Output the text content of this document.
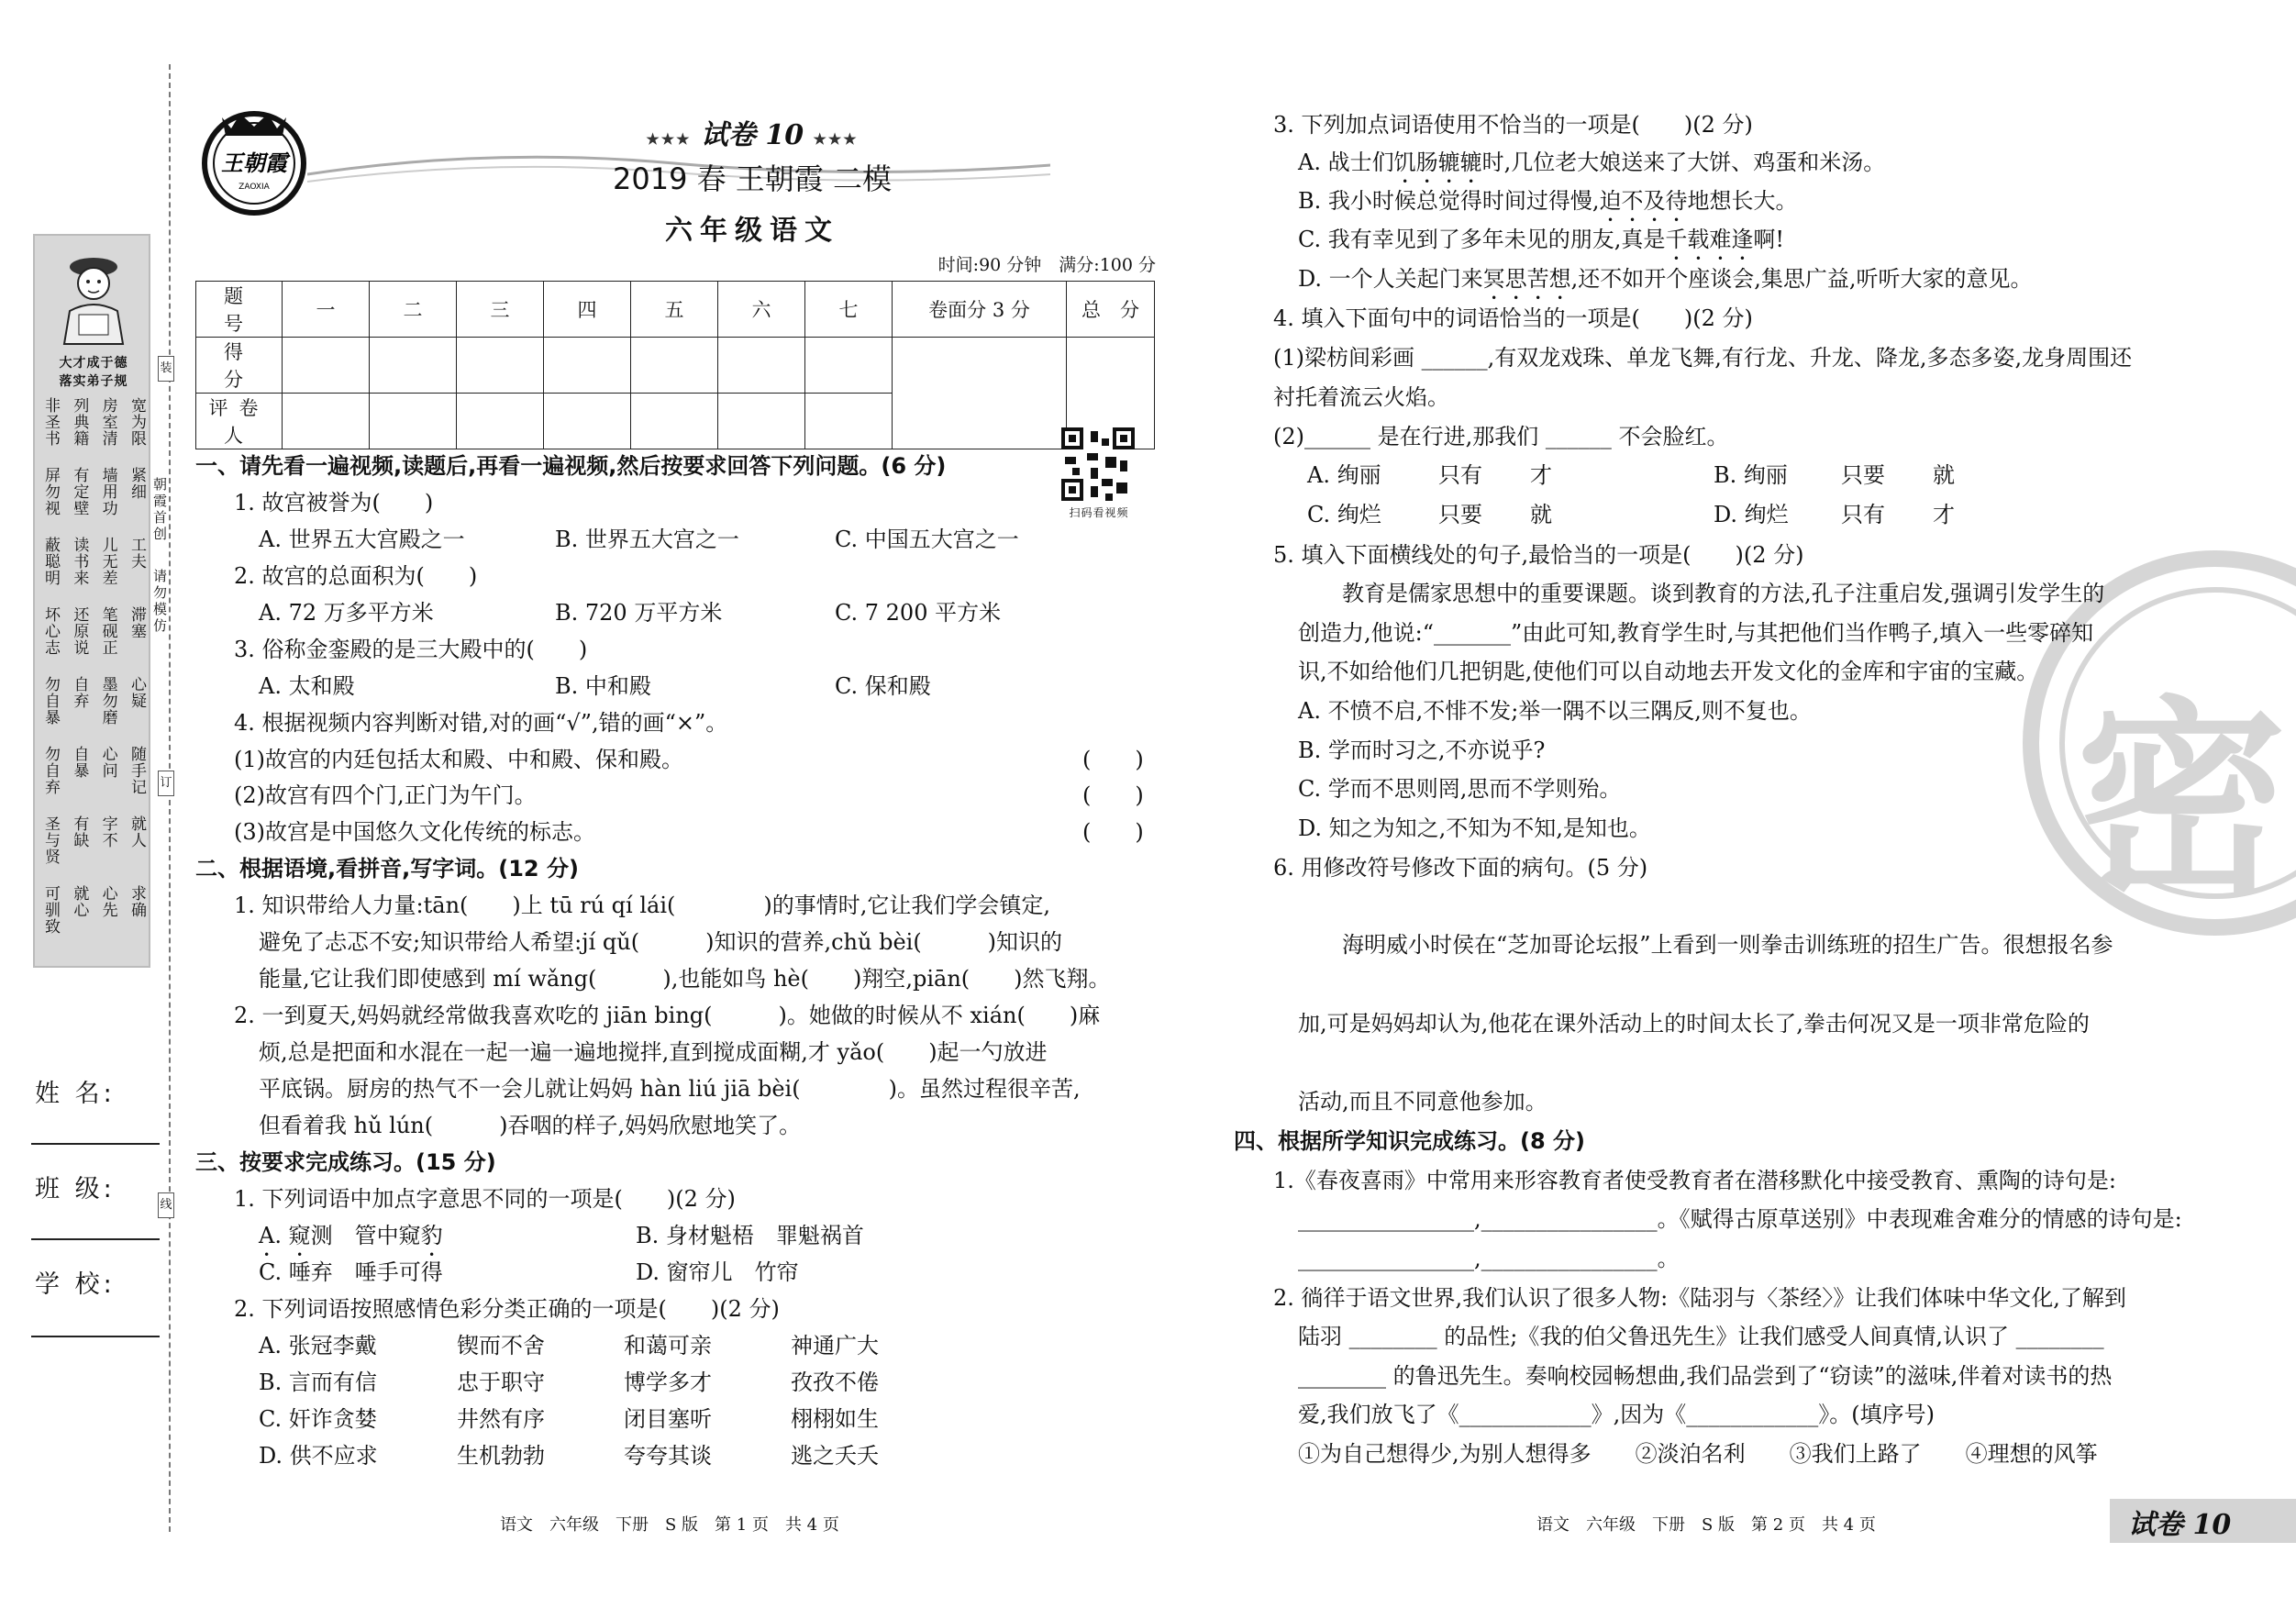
大才成于德
落实弟子规
非圣书 列典籍 房室清 宽为限
屏勿视 有定壁 墙用功 紧细
蔽聪明 读书来 儿无差 工夫
坏心志 还原说 笔砚正 滞塞
勿自暴 自弃 墨勿磨 心疑
勿自弃 自暴 心问 随手记
圣与贤 有缺 字不 就人
可驯致 就心 心先 求确
朝霞首创
请勿模仿
装
订
线
姓 名:
班 级:
学 校:
王朝霞
ZAOXIA
★★★ 试卷 10 ★★★
2019 春 王朝霞 二模
六年级语文
时间:90 分钟　满分:100 分
题　号	一	二	三	四	五	六	七	卷面分 3 分	总　分
得　分									
评卷人									
扫码看视频
一、请先看一遍视频,读题后,再看一遍视频,然后按要求回答下列问题。(6 分)
1. 故宫被誉为(　　)
A. 世界五大宫殿之一	B. 世界五大宫之一	C. 中国五大宫之一
2. 故宫的总面积为(　　)
A. 72 万多平方米	B. 720 万平方米	C. 7 200 平方米
3. 俗称金銮殿的是三大殿中的(　　)
A. 太和殿	B. 中和殿	C. 保和殿
4. 根据视频内容判断对错,对的画“√”,错的画“×”。
(1)故宫的内廷包括太和殿、中和殿、保和殿。	(　　)
(2)故宫有四个门,正门为午门。	(　　)
(3)故宫是中国悠久文化传统的标志。	(　　)
二、根据语境,看拼音,写字词。(12 分)
1. 知识带给人力量:tān(　　)上 tū rú qí lái(　　　　)的事情时,它让我们学会镇定,
避免了忐忑不安;知识带给人希望:jí qǔ(　　　)知识的营养,chǔ bèi(　　　)知识的
能量,它让我们即使感到 mí wǎng(　　　),也能如鸟 hè(　　)翔空,piān(　　)然飞翔。
2. 一到夏天,妈妈就经常做我喜欢吃的 jiān bing(　　　)。她做的时候从不 xián(　　)麻
烦,总是把面和水混在一起一遍一遍地搅拌,直到搅成面糊,才 yǎo(　　)起一勺放进
平底锅。厨房的热气不一会儿就让妈妈 hàn liú jiā bèi(　　　　)。虽然过程很辛苦,
但看着我 hǔ lún(　　　)吞咽的样子,妈妈欣慰地笑了。
三、按要求完成练习。(15 分)
1. 下列词语中加点字意思不同的一项是(　　)(2 分)
A. 窥测　管中窥豹	B. 身材魁梧　罪魁祸首
C. 唾弃　唾手可得	D. 窗帘儿　竹帘
2. 下列词语按照感情色彩分类正确的一项是(　　)(2 分)
A. 张冠李戴	锲而不舍	和蔼可亲	神通广大
B. 言而有信	忠于职守	博学多才	孜孜不倦
C. 奸诈贪婪	井然有序	闭目塞听	栩栩如生
D. 供不应求	生机勃勃	夸夸其谈	逃之夭夭
语文　六年级　下册　S 版　第 1 页　共 4 页
密
3. 下列加点词语使用不恰当的一项是(　　)(2 分)
A. 战士们饥肠辘辘时,几位老大娘送来了大饼、鸡蛋和米汤。
B. 我小时候总觉得时间过得慢,迫不及待地想长大。
C. 我有幸见到了多年未见的朋友,真是千载难逢啊!
D. 一个人关起门来冥思苦想,还不如开个座谈会,集思广益,听听大家的意见。
4. 填入下面句中的词语恰当的一项是(　　)(2 分)
(1)梁枋间彩画 ______,有双龙戏珠、单龙飞舞,有行龙、升龙、降龙,多态多姿,龙身周围还
衬托着流云火焰。
(2)______ 是在行进,那我们 ______ 不会脸红。
A. 绚丽	只有 才	B. 绚丽 只要 就
C. 绚烂	只要 就	D. 绚烂 只有 才
5. 填入下面横线处的句子,最恰当的一项是(　　)(2 分)
　　教育是儒家思想中的重要课题。谈到教育的方法,孔子注重启发,强调引发学生的
创造力,他说:“_______”由此可知,教育学生时,与其把他们当作鸭子,填入一些零碎知
识,不如给他们几把钥匙,使他们可以自动地去开发文化的金库和宇宙的宝藏。
A. 不愤不启,不悱不发;举一隅不以三隅反,则不复也。
B. 学而时习之,不亦说乎?
C. 学而不思则罔,思而不学则殆。
D. 知之为知之,不知为不知,是知也。
6. 用修改符号修改下面的病句。(5 分)
　　海明威小时侯在“芝加哥论坛报”上看到一则拳击训练班的招生广告。很想报名参
加,可是妈妈却认为,他花在课外活动上的时间太长了,拳击何况又是一项非常危险的
活动,而且不同意他参加。
四、根据所学知识完成练习。(8 分)
1.《春夜喜雨》中常用来形容教育者使受教育者在潜移默化中接受教育、熏陶的诗句是:
________________,________________。《赋得古原草送别》中表现难舍难分的情感的诗句是:
________________,________________。
2. 徜徉于语文世界,我们认识了很多人物:《陆羽与〈茶经〉》让我们体味中华文化,了解到
陆羽 ________ 的品性;《我的伯父鲁迅先生》让我们感受人间真情,认识了 ________
________ 的鲁迅先生。奏响校园畅想曲,我们品尝到了“窃读”的滋味,伴着对读书的热
爱,我们放飞了《____________》,因为《____________》。(填序号)
①为自己想得少,为别人想得多　　②淡泊名利　　③我们上路了　　④理想的风筝
语文　六年级　下册　S 版　第 2 页　共 4 页	试卷 10
